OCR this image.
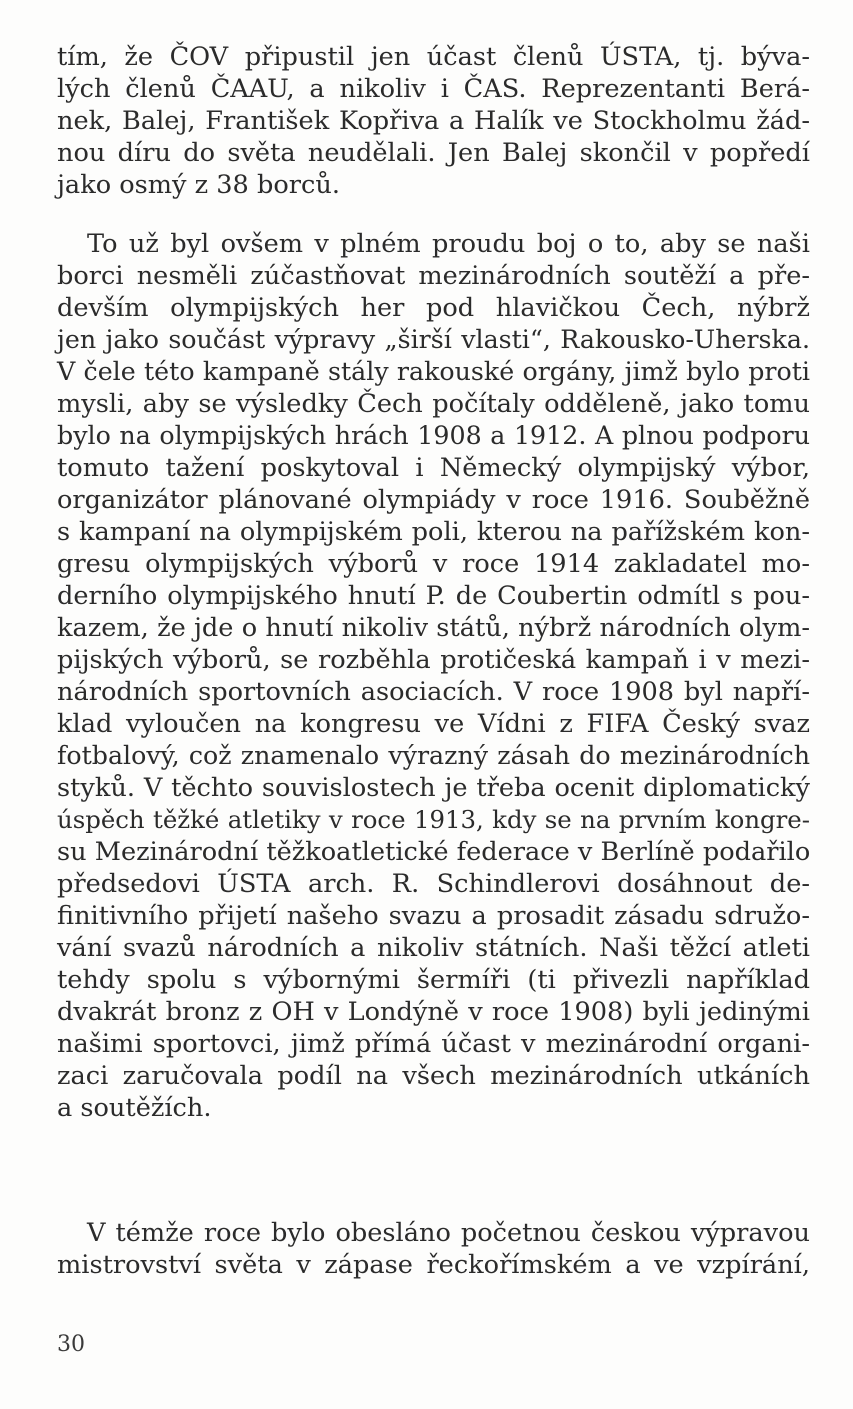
tím, že ČOV připustil jen účast členů ÚSTA, tj. býva-
lých členů ČAAU, a nikoliv i ČAS. Reprezentanti Berá-
nek, Balej, František Kopřiva a Halík ve Stockholmu žád-
nou díru do světa neudělali. Jen Balej skončil v popředí
jako osmý z 38 borců.
To už byl ovšem v plném proudu boj o to, aby se naši
borci nesměli zúčastňovat mezinárodních soutěží a pře-
devším olympijských her pod hlavičkou Čech, nýbrž
jen jako součást výpravy „širší vlasti“, Rakousko-Uherska.
V čele této kampaně stály rakouské orgány, jimž bylo proti
mysli, aby se výsledky Čech počítaly odděleně, jako tomu
bylo na olympijských hrách 1908 a 1912. A plnou podporu
tomuto tažení poskytoval i Německý olympijský výbor,
organizátor plánované olympiády v roce 1916. Souběžně
s kampaní na olympijském poli, kterou na pařížském kon-
gresu olympijských výborů v roce 1914 zakladatel mo-
derního olympijského hnutí P. de Coubertin odmítl s pou-
kazem, že jde o hnutí nikoliv států, nýbrž národních olym-
pijských výborů, se rozběhla protičeská kampaň i v mezi-
národních sportovních asociacích. V roce 1908 byl napří-
klad vyloučen na kongresu ve Vídni z FIFA Český svaz
fotbalový, což znamenalo výrazný zásah do mezinárodních
styků. V těchto souvislostech je třeba ocenit diplomatický
úspěch těžké atletiky v roce 1913, kdy se na prvním kongre-
su Mezinárodní těžkoatletické federace v Berlíně podařilo
předsedovi ÚSTA arch. R. Schindlerovi dosáhnout de-
finitivního přijetí našeho svazu a prosadit zásadu sdružo-
vání svazů národních a nikoliv státních. Naši těžcí atleti
tehdy spolu s výbornými šermíři (ti přivezli například
dvakrát bronz z OH v Londýně v roce 1908) byli jedinými
našimi sportovci, jimž přímá účast v mezinárodní organi-
zaci zaručovala podíl na všech mezinárodních utkáních
a soutěžích.
V témže roce bylo obesláno početnou českou výpravou
mistrovství světa v zápase řeckořímském a ve vzpírání,
30
